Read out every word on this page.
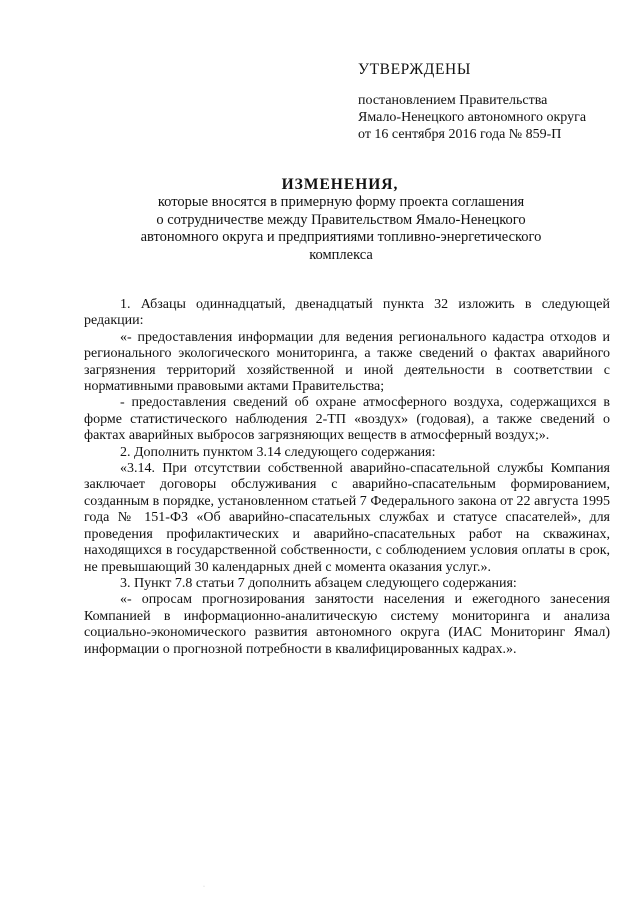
УТВЕРЖДЕНЫ
постановлением Правительства
Ямало-Ненецкого автономного округа
от 16 сентября 2016 года № 859-П
ИЗМЕНЕНИЯ,
которые вносятся в примерную форму проекта соглашения
о сотрудничестве между Правительством Ямало-Ненецкого
автономного округа и предприятиями топливно-энергетического
комплекса

1. Абзацы одиннадцатый, двенадцатый пункта 32 изложить в следующей редакции:

«- предоставления информации для ведения регионального кадастра отходов и регионального экологического мониторинга, а также сведений о фактах аварийного загрязнения территорий хозяйственной и иной деятельности в соответствии с нормативными правовыми актами Правительства;

- предоставления сведений об охране атмосферного воздуха, содержащихся в форме статистического наблюдения 2-ТП «воздух» (годовая), а также сведений о фактах аварийных выбросов загрязняющих веществ в атмосферный воздух;».

2. Дополнить пунктом 3.14 следующего содержания:

«3.14. При отсутствии собственной аварийно-спасательной службы Компания заключает договоры обслуживания с аварийно-спасательным формированием, созданным в порядке, установленном статьей 7 Федерального закона от 22 августа 1995 года № 151-ФЗ «Об аварийно-спасательных службах и статусе спасателей», для проведения профилактических и аварийно-спасательных работ на скважинах, находящихся в государственной собственности, с соблюдением условия оплаты в срок, не превышающий 30 календарных дней с момента оказания услуг.».

3. Пункт 7.8 статьи 7 дополнить абзацем следующего содержания:

«- опросам прогнозирования занятости населения и ежегодного занесения Компанией в информационно-аналитическую систему мониторинга и анализа социально-экономического развития автономного округа (ИАС Мониторинг Ямал) информации о прогнозной потребности в квалифицированных кадрах.».

·
